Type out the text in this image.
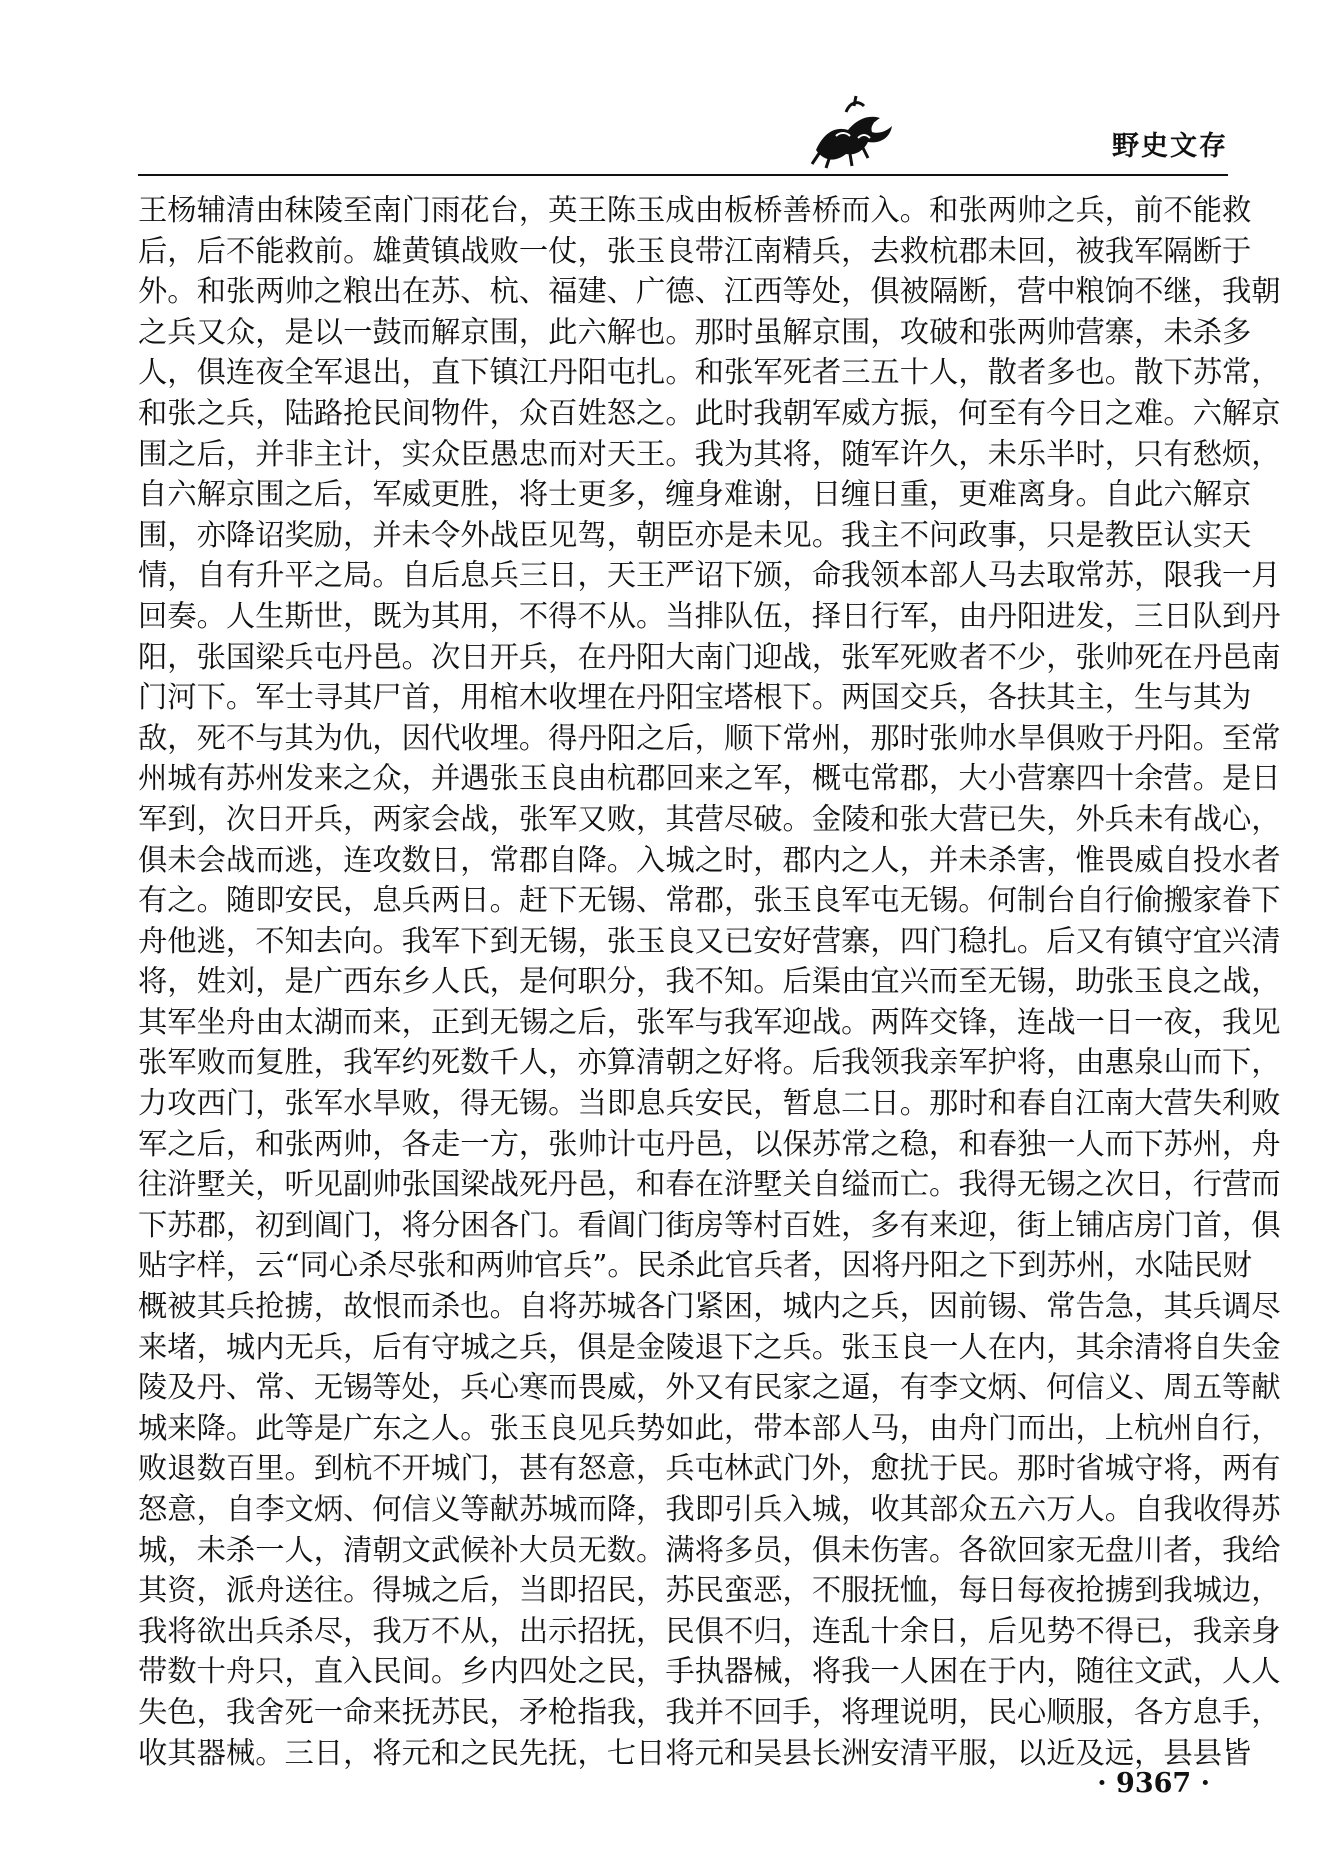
野史文存
王杨辅清由秣陵至南门雨花台，英王陈玉成由板桥善桥而入。和张两帅之兵，前不能救
后，后不能救前。雄黄镇战败一仗，张玉良带江南精兵，去救杭郡未回，被我军隔断于
外。和张两帅之粮出在苏、杭、福建、广德、江西等处，俱被隔断，营中粮饷不继，我朝
之兵又众，是以一鼓而解京围，此六解也。那时虽解京围，攻破和张两帅营寨，未杀多
人，俱连夜全军退出，直下镇江丹阳屯扎。和张军死者三五十人，散者多也。散下苏常，
和张之兵，陆路抢民间物件，众百姓怒之。此时我朝军威方振，何至有今日之难。六解京
围之后，并非主计，实众臣愚忠而对天王。我为其将，随军许久，未乐半时，只有愁烦，
自六解京围之后，军威更胜，将士更多，缠身难谢，日缠日重，更难离身。自此六解京
围，亦降诏奖励，并未令外战臣见驾，朝臣亦是未见。我主不问政事，只是教臣认实天
情，自有升平之局。自后息兵三日，天王严诏下颁，命我领本部人马去取常苏，限我一月
回奏。人生斯世，既为其用，不得不从。当排队伍，择日行军，由丹阳进发，三日队到丹
阳，张国梁兵屯丹邑。次日开兵，在丹阳大南门迎战，张军死败者不少，张帅死在丹邑南
门河下。军士寻其尸首，用棺木收埋在丹阳宝塔根下。两国交兵，各扶其主，生与其为
敌，死不与其为仇，因代收埋。得丹阳之后，顺下常州，那时张帅水旱俱败于丹阳。至常
州城有苏州发来之众，并遇张玉良由杭郡回来之军，概屯常郡，大小营寨四十余营。是日
军到，次日开兵，两家会战，张军又败，其营尽破。金陵和张大营已失，外兵未有战心，
俱未会战而逃，连攻数日，常郡自降。入城之时，郡内之人，并未杀害，惟畏威自投水者
有之。随即安民，息兵两日。赶下无锡、常郡，张玉良军屯无锡。何制台自行偷搬家眷下
舟他逃，不知去向。我军下到无锡，张玉良又已安好营寨，四门稳扎。后又有镇守宜兴清
将，姓刘，是广西东乡人氏，是何职分，我不知。后渠由宜兴而至无锡，助张玉良之战，
其军坐舟由太湖而来，正到无锡之后，张军与我军迎战。两阵交锋，连战一日一夜，我见
张军败而复胜，我军约死数千人，亦算清朝之好将。后我领我亲军护将，由惠泉山而下，
力攻西门，张军水旱败，得无锡。当即息兵安民，暂息二日。那时和春自江南大营失利败
军之后，和张两帅，各走一方，张帅计屯丹邑，以保苏常之稳，和春独一人而下苏州，舟
往浒墅关，听见副帅张国梁战死丹邑，和春在浒墅关自缢而亡。我得无锡之次日，行营而
下苏郡，初到阊门，将分困各门。看阊门街房等村百姓，多有来迎，街上铺店房门首，俱
贴字样，云“同心杀尽张和两帅官兵”。民杀此官兵者，因将丹阳之下到苏州，水陆民财
概被其兵抢掳，故恨而杀也。自将苏城各门紧困，城内之兵，因前锡、常告急，其兵调尽
来堵，城内无兵，后有守城之兵，俱是金陵退下之兵。张玉良一人在内，其余清将自失金
陵及丹、常、无锡等处，兵心寒而畏威，外又有民家之逼，有李文炳、何信义、周五等献
城来降。此等是广东之人。张玉良见兵势如此，带本部人马，由舟门而出，上杭州自行，
败退数百里。到杭不开城门，甚有怒意，兵屯林武门外，愈扰于民。那时省城守将，两有
怒意，自李文炳、何信义等献苏城而降，我即引兵入城，收其部众五六万人。自我收得苏
城，未杀一人，清朝文武候补大员无数。满将多员，俱未伤害。各欲回家无盘川者，我给
其资，派舟送往。得城之后，当即招民，苏民蛮恶，不服抚恤，每日每夜抢掳到我城边，
我将欲出兵杀尽，我万不从，出示招抚，民俱不归，连乱十余日，后见势不得已，我亲身
带数十舟只，直入民间。乡内四处之民，手执器械，将我一人困在于内，随往文武，人人
失色，我舍死一命来抚苏民，矛枪指我，我并不回手，将理说明，民心顺服，各方息手，
收其器械。三日，将元和之民先抚，七日将元和吴县长洲安清平服，以近及远，县县皆
· 9367 ·
